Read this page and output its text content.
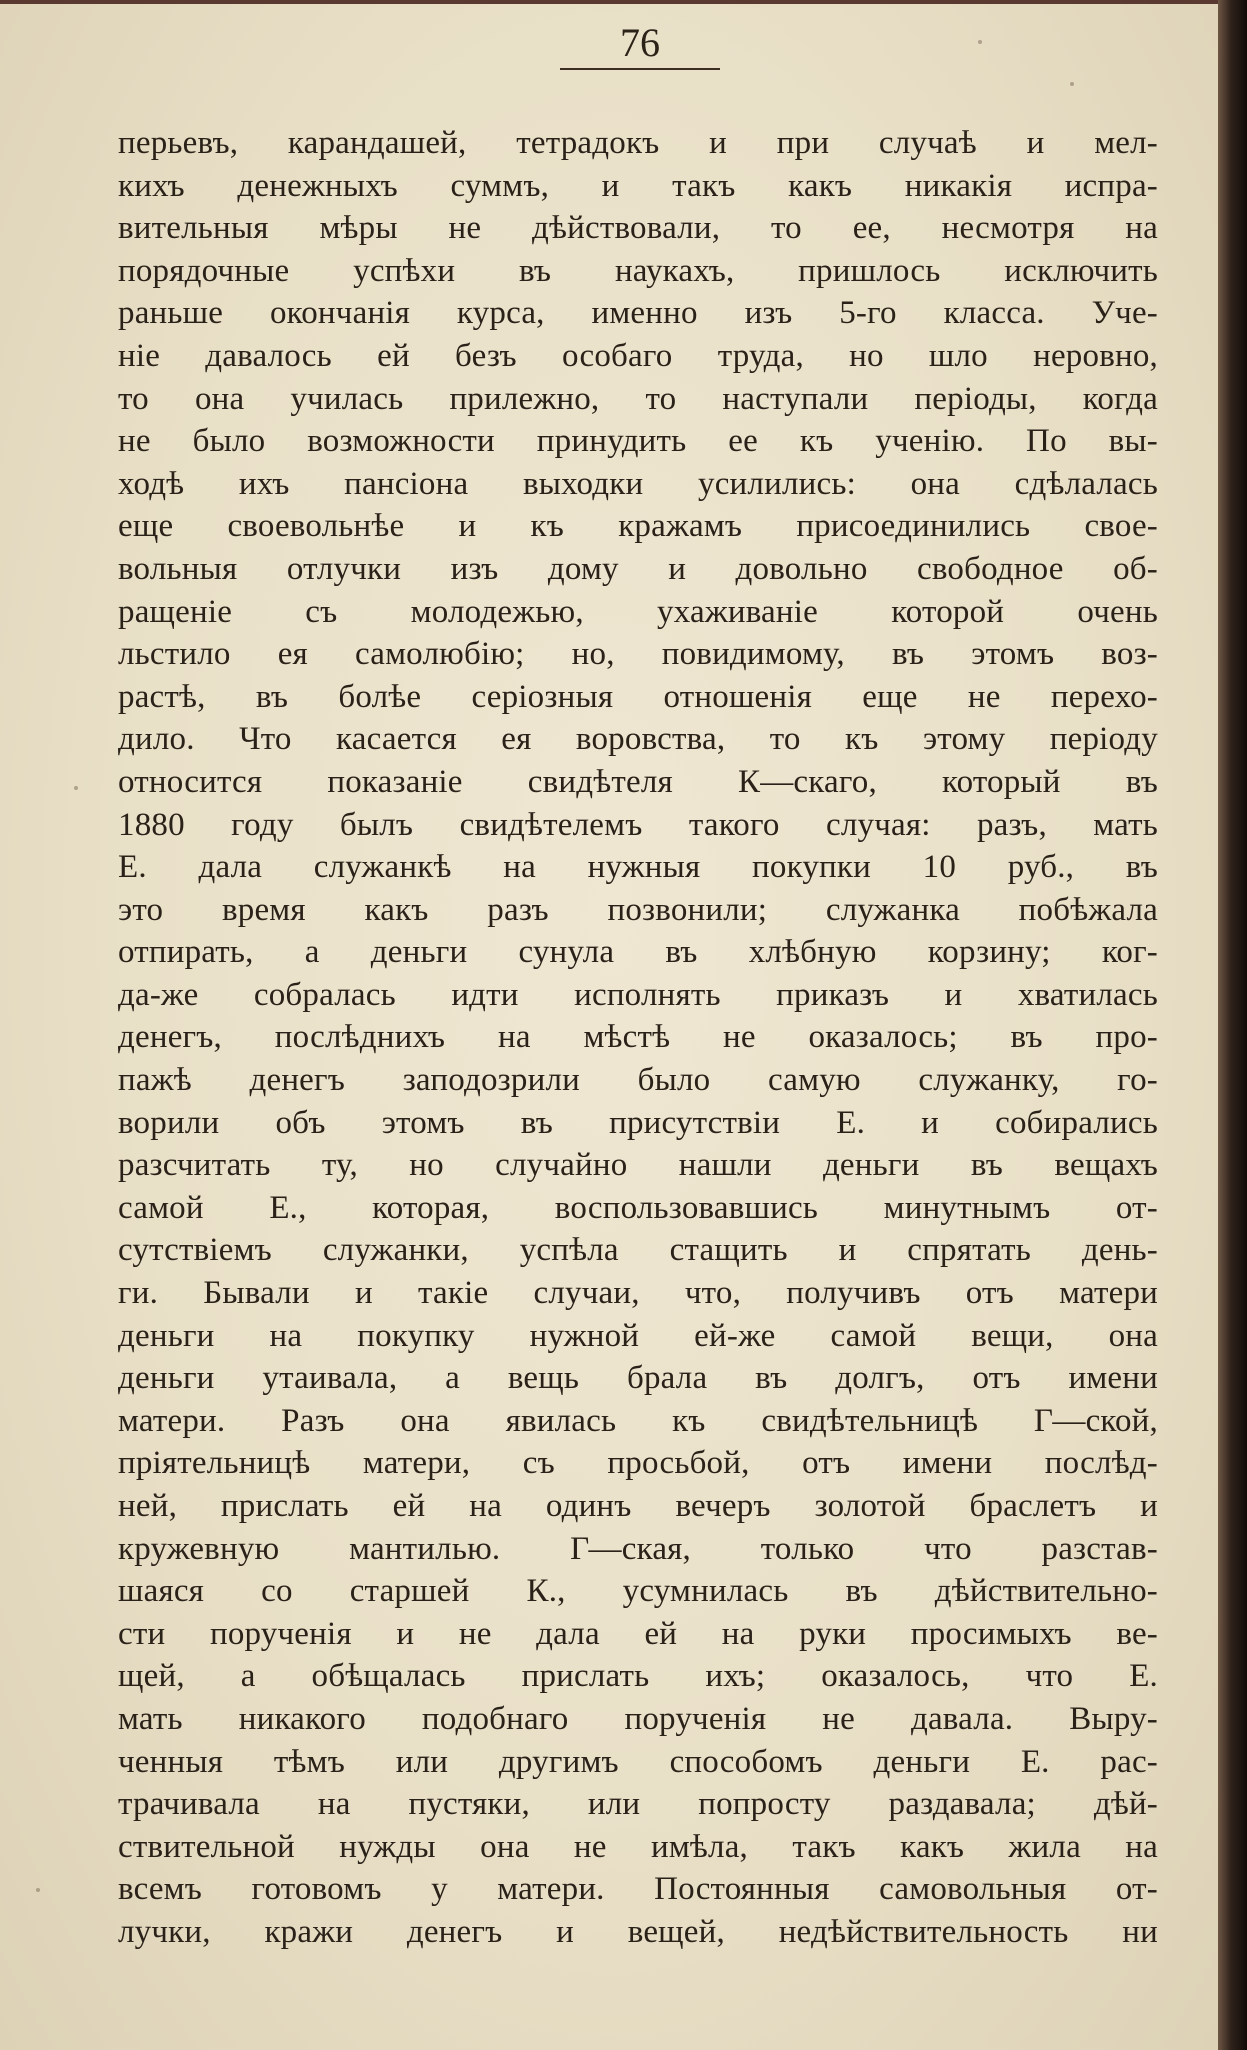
76
перьевъ, карандашей, тетрадокъ и при случаѣ и мел-
кихъ денежныхъ суммъ, и такъ какъ никакія испра-
вительныя мѣры не дѣйствовали, то ее, несмотря на
порядочные успѣхи въ наукахъ, пришлось исключить
раньше окончанія курса, именно изъ 5-го класса. Уче-
ніе давалось ей безъ особаго труда, но шло неровно,
то она училась прилежно, то наступали періоды, когда
не было возможности принудить ее къ ученію. По вы-
ходѣ ихъ пансіона выходки усилились: она сдѣлалась
еще своевольнѣе и къ кражамъ присоединились свое-
вольныя отлучки изъ дому и довольно свободное об-
ращеніе съ молодежью, ухаживаніе которой очень
льстило ея самолюбію; но, повидимому, въ этомъ воз-
растѣ, въ болѣе серіозныя отношенія еще не перехо-
дило. Что касается ея воровства, то къ этому періоду
относится показаніе свидѣтеля К—скаго, который въ
1880 году былъ свидѣтелемъ такого случая: разъ, мать
Е. дала служанкѣ на нужныя покупки 10 руб., въ
это время какъ разъ позвонили; служанка побѣжала
отпирать, а деньги сунула въ хлѣбную корзину; ког-
да-же собралась идти исполнять приказъ и хватилась
денегъ, послѣднихъ на мѣстѣ не оказалось; въ про-
пажѣ денегъ заподозрили было самую служанку, го-
ворили объ этомъ въ присутствіи Е. и собирались
разсчитать ту, но случайно нашли деньги въ вещахъ
самой Е., которая, воспользовавшись минутнымъ от-
сутствіемъ служанки, успѣла стащить и спрятать день-
ги. Бывали и такіе случаи, что, получивъ отъ матери
деньги на покупку нужной ей-же самой вещи, она
деньги утаивала, а вещь брала въ долгъ, отъ имени
матери. Разъ она явилась къ свидѣтельницѣ Г—ской,
пріятельницѣ матери, съ просьбой, отъ имени послѣд-
ней, прислать ей на одинъ вечеръ золотой браслетъ и
кружевную мантилью. Г—ская, только что разстав-
шаяся со старшей К., усумнилась въ дѣйствительно-
сти порученія и не дала ей на руки просимыхъ ве-
щей, а обѣщалась прислать ихъ; оказалось, что Е.
мать никакого подобнаго порученія не давала. Выру-
ченныя тѣмъ или другимъ способомъ деньги Е. рас-
трачивала на пустяки, или попросту раздавала; дѣй-
ствительной нужды она не имѣла, такъ какъ жила на
всемъ готовомъ у матери. Постоянныя самовольныя от-
лучки, кражи денегъ и вещей, недѣйствительность ни
